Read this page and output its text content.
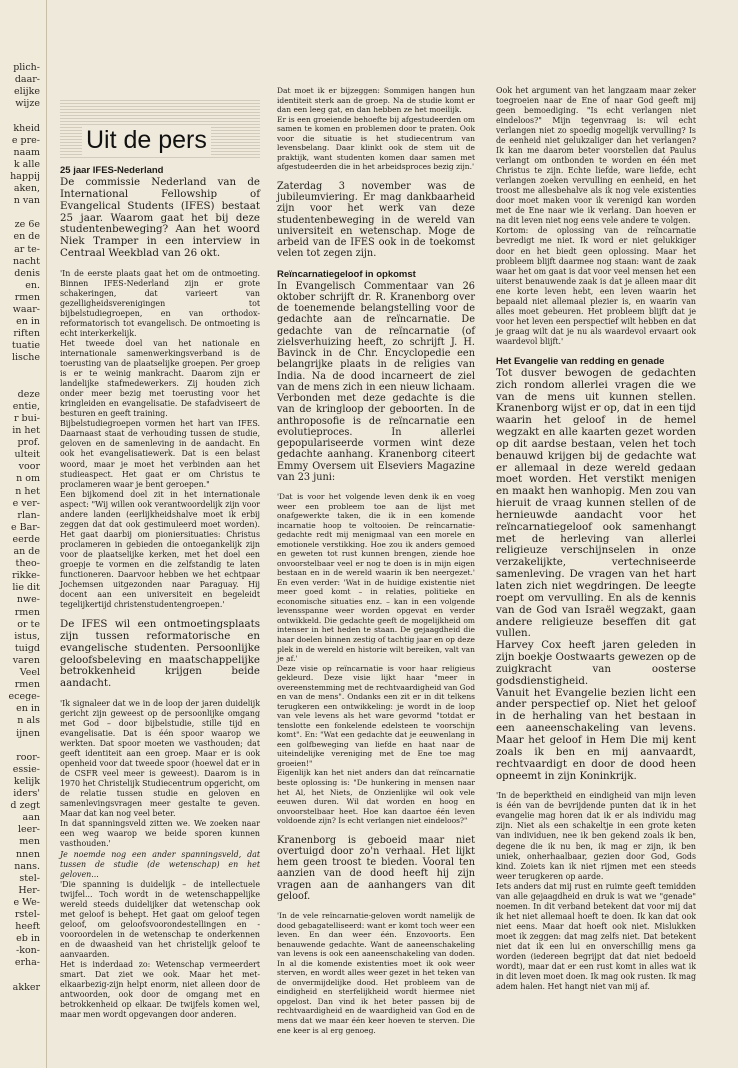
plich-
daar-
elijke
wijze
kheid
e pre-
naam
k alle
happij
aken,
n van
ze 6e
en de
ar te-
nacht
denis
en.
rmen
waar-
en in
riften
tuatie
lische
deze
entie,
r bui-
in het
prof.
ulteit
voor
n om
n het
e ver-
rlan-
e Bar-
eerde
an de
theo-
rikke-
lie dit
nwe-
rmen
or te
istus,
tuigd
varen
Veel
rmen
ecege-
en in
n als
ijnen
roor-
essie-
kelijk
iders'
d zegt
aan
leer-
men
nnen
nans.
stel-
Her-
e We-
rstel-
heeft
eb in
-kon-
erha-
akker
Uit de pers

25 jaar IFES-Nederland

De commissie Nederland van de International Fellowship of Evangelical Students (IFES) bestaat 25 jaar. Waarom gaat het bij deze studentenbeweging? Aan het woord Niek Tramper in een interview in Centraal Weekblad van 26 okt.

'In de eerste plaats gaat het om de ontmoeting. Binnen IFES-Nederland zijn er grote schakeringen, dat varieert van gezelligheidsverenigingen tot bijbelstudiegroepen, en van orthodox-reformatorisch tot evangelisch. De ontmoeting is echt interkerkelijk.

Het tweede doel van het nationale en internationale samenwerkingsverband is de toerusting van de plaatselijke groepen. Per groep is er te weinig mankracht. Daarom zijn er landelijke stafmedewerkers. Zij houden zich onder meer bezig met toerusting voor het kringleiden en evangelisatie. De stafadviseert de besturen en geeft training.

Bijbelstudiegroepen vormen het hart van IFES. Daarnaast staat de verhouding tussen de studie, geloven en de samenleving in de aandacht. En ook het evangelisatiewerk. Dat is een belast woord, maar je moet het verbinden aan het studieaspect. Het gaat er om Christus te proclameren waar je bent geroepen."

Een bijkomend doel zit in het internationale aspect: "Wij willen ook verantwoordelijk zijn voor andere landen (eerlijkheidshalve moet ik erbij zeggen dat dat ook gestimuleerd moet worden). Het gaat daarbij om pioniersituaties: Christus proclameren in gebieden die ontoegankelijk zijn voor de plaatselijke kerken, met het doel een groepje te vormen en die zelfstandig te laten functioneren. Daarvoor hebben we het echtpaar Jochemsen uitgezonden naar Paraguay. Hij docent aan een universiteit en begeleidt tegelijkertijd christenstudentengroepen.'

De IFES wil een ontmoetingsplaats zijn tussen reformatorische en evangelische studenten. Persoonlijke geloofsbeleving en maatschappelijke betrokkenheid krijgen beide aandacht.

'Ik signaleer dat we in de loop der jaren duidelijk gericht zijn geweest op de persoonlijke omgang met God – door bijbelstudie, stille tijd en evangelisatie. Dat is één spoor waarop we werkten. Dat spoor moeten we vasthouden; dat geeft identiteit aan een groep. Maar er is ook openheid voor dat tweede spoor (hoewel dat er in de CSFR veel meer is geweest). Daarom is in 1970 het Christelijk Studiecentrum opgericht, om de relatie tussen studie en geloven en samenlevingsvragen meer gestalte te geven. Maar dat kan nog veel beter.

In dat spanningsveld zitten we. We zoeken naar een weg waarop we beide sporen kunnen vasthouden.'

Je noemde nog een ander spanningsveld, dat tussen de studie (de wetenschap) en het geloven...

'Die spanning is duidelijk – de intellectuele twijfel... Toch wordt in de wetenschappelijke wereld steeds duidelijker dat wetenschap ook met geloof is behept. Het gaat om geloof tegen geloof, om geloofsvoorondestellingen en -vooroordelen in de wetenschap te onderkennen en de dwaasheid van het christelijk geloof te aanvaarden.

Het is inderdaad zo: Wetenschap vermeerdert smart. Dat ziet we ook. Maar het met-elkaarbezig-zijn helpt enorm, niet alleen door de antwoorden, ook door de omgang met en betrokkenheid op elkaar. De twijfels komen wel, maar men wordt opgevangen door anderen.

Dat moet ik er bijzeggen: Sommigen hangen hun identiteit sterk aan de groep. Na de studie komt er dan een leeg gat, en dan hebben ze het moeilijk.

Er is een groeiende behoefte bij afgestudeerden om samen te komen en problemen door te praten. Ook voor die situatie is het studiecentrum van levensbelang. Daar klinkt ook de stem uit de praktijk, want studenten komen daar samen met afgestudeerden die in het arbeidsproces bezig zijn.'

Zaterdag 3 november was de jubileumviering. Er mag dankbaarheid zijn voor het werk van deze studentenbeweging in de wereld van universiteit en wetenschap. Moge de arbeid van de IFES ook in de toekomst velen tot zegen zijn.

Reïncarnatiegeloof in opkomst

In Evangelisch Commentaar van 26 oktober schrijft dr. R. Kranenborg over de toenemende belangstelling voor de gedachte aan de reïncarnatie. De gedachte van de reïncarnatie (of zielsverhuizing heeft, zo schrijft J. H. Bavinck in de Chr. Encyclopedie een belangrijke plaats in de religies van India. Na de dood incarneert de ziel van de mens zich in een nieuw lichaam. Verbonden met deze gedachte is die van de kringloop der geboorten. In de anthroposofie is de reïncarnatie een evolutieproces. In allerlei gepopulariseerde vormen wint deze gedachte aanhang. Kranenborg citeert Emmy Oversem uit Elseviers Magazine van 23 juni:

'Dat is voor het volgende leven denk ik en voeg weer een probleem toe aan de lijst met onafgewerkte taken, die ik in een komende incarnatie hoop te voltooien. De reïncarnatie-gedachte redt mij menigmaal van een morele en emotionele verstikking. Hoe zou ik anders gemoed en geweten tot rust kunnen brengen, ziende hoe onvoorstelbaar veel er nog te doen is in mijn eigen bestaan en in de wereld waarin ik ben neergezet.' En even verder: 'Wat in de huidige existentie niet meer goed komt – in relaties, politieke en economische situaties enz. – kan in een volgende levensspanne weer worden opgevat en verder ontwikkeld. Die gedachte geeft de mogelijkheid om intenser in het heden te staan. De gejaagdheid die haar doelen binnen zestig of tachtig jaar en op deze plek in de wereld en historie wilt bereiken, valt van je af.'

Deze visie op reïncarnatie is voor haar religieus gekleurd. Deze visie lijkt haar "meer in overeenstemming met de rechtvaardigheid van God en van de mens". Ondanks een zit er in dit telkens terugkeren een ontwikkeling: je wordt in de loop van vele levens als het ware gevormd "totdat er tenslotte een fonkelende edelsteen te voorschijn komt". En: "Wat een gedachte dat je eeuwenlang in een golfbeweging van liefde en haat naar de uiteindelijke vereniging met de Ene toe mag groeien!"

Eigenlijk kan het niet anders dan dat reïncarnatie beste oplossing is: "De hunkering in mensen naar het Al, het Niets, de Onzienlijke wil ook vele eeuwen duren. Wil dat worden en hoog en onvoorstelbaar heet. Hoe kan daartoe één leven voldoende zijn? Is echt verlangen niet eindeloos?"

Kranenborg is geboeid maar niet overtuigd door zo'n verhaal. Het lijkt hem geen troost te bieden. Vooral ten aanzien van de dood heeft hij zijn vragen aan de aanhangers van dit geloof.

'In de vele reïncarnatie-geloven wordt namelijk de dood gebagatelliseerd: want er komt toch weer een leven. En dan weer één. Enzovoorts. Een benauwende gedachte. Want de aaneenschakeling van levens is ook een aaneenschakeling van doden. In al die komende existenties moet ik ook weer sterven, en wordt alles weer gezet in het teken van de onvermijdelijke dood. Het probleem van de eindigheid en sterfelijkheid wordt hiermee niet opgelost. Dan vind ik het beter passen bij de rechtvaardigheid en de waardigheid van God en de mens dat we maar één keer hoeven te sterven. Die ene keer is al erg genoeg.

Ook het argument van het langzaam maar zeker toegroeien naar de Ene of naar God geeft mij geen bemoediging. "Is echt verlangen niet eindeloos?" Mijn tegenvraag is: wil echt verlangen niet zo spoedig mogelijk vervulling? Is de eenheid niet gelukzaliger dan het verlangen? Ik kan me daarom beter voorstellen dat Paulus verlangt om ontbonden te worden en één met Christus te zijn. Echte liefde, ware liefde, echt verlangen zoeken vervulling en eenheid, en het troost me allesbehalve als ik nog vele existenties door moet maken voor ik verenigd kan worden met de Ene naar wie ik verlang. Dan hoeven er na dit leven niet nog eens vele andere te volgen.

Kortom: de oplossing van de reïncarnatie bevredigt me niet. Ik word er niet gelukkiger door en het biedt geen oplossing. Maar het probleem blijft daarmee nog staan: want de zaak waar het om gaat is dat voor veel mensen het een uiterst benauwende zaak is dat je alleen maar dit ene korte leven hebt, een leven waarin het bepaald niet allemaal plezier is, en waarin van alles moet gebeuren. Het probleem blijft dat je voor het leven een perspectief wilt hebben en dat je graag wilt dat je nu als waardevol ervaart ook waardevol blijft.'

Het Evangelie van redding en genade

Tot dusver bewogen de gedachten zich rondom allerlei vragen die we van de mens uit kunnen stellen. Kranenborg wijst er op, dat in een tijd waarin het geloof in de hemel wegzakt en alle kaarten gezet worden op dit aardse bestaan, velen het toch benauwd krijgen bij de gedachte wat er allemaal in deze wereld gedaan moet worden. Het verstikt menigen en maakt hen wanhopig. Men zou van hieruit de vraag kunnen stellen of de hernieuwde aandacht voor het reïncarnatiegeloof ook samenhangt met de herleving van allerlei religieuze verschijnselen in onze verzakelijkte, vertechniseerde samenleving. De vragen van het hart laten zich niet wegdringen. De leegte roept om vervulling. En als de kennis van de God van Israël wegzakt, gaan andere religieuze beseffen dit gat vullen.

Harvey Cox heeft jaren geleden in zijn boekje Oostwaarts gewezen op de zuigkracht van oosterse godsdienstigheid.

Vanuit het Evangelie bezien licht een ander perspectief op. Niet het geloof in de herhaling van het bestaan in een aaneenschakeling van levens. Maar het geloof in Hem Die mij kent zoals ik ben en mij aanvaardt, rechtvaardigt en door de dood heen opneemt in zijn Koninkrijk.

'In de beperktheid en eindigheid van mijn leven is één van de bevrijdende punten dat ik in het evangelie mag horen dat ik er als individu mag zijn. Niet als een schakeltje in een grote keten van individuen, nee ik ben gekend zoals ik ben, degene die ik nu ben, ik mag er zijn, ik ben uniek, onherhaalbaar, gezien door God, Gods kind. Zoiets kan ik niet rijmen met een steeds weer terugkeren op aarde.

Iets anders dat mij rust en ruimte geeft temidden van alle gejaagdheid en druk is wat we "genade" noemen. In dit verband betekent dat voor mij dat ik het niet allemaal hoeft te doen. Ik kan dat ook niet eens. Maar dat hoeft ook niet. Mislukken moet ik zeggen: dat mag zelfs niet. Dat betekent niet dat ik een lui en onverschillig mens ga worden (iedereen begrijpt dat dat niet bedoeld wordt), maar dat er een rust komt in alles wat ik in dit leven moet doen. Ik mag ook rusten. Ik mag adem halen. Het hangt niet van mij af.
